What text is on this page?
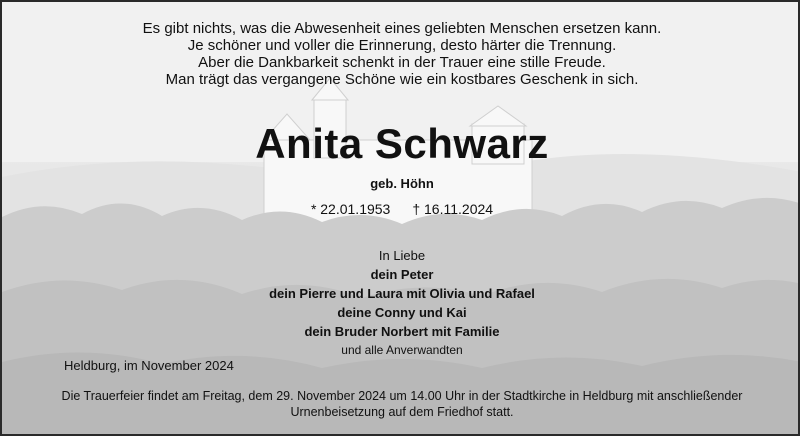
Es gibt nichts, was die Abwesenheit eines geliebten Menschen ersetzen kann.
Je schöner und voller die Erinnerung, desto härter die Trennung.
Aber die Dankbarkeit schenkt in der Trauer eine stille Freude.
Man trägt das vergangene Schöne wie ein kostbares Geschenk in sich.
Anita Schwarz
geb. Höhn
* 22.01.1953 † 16.11.2024
In Liebe
dein Peter
dein Pierre und Laura mit Olivia und Rafael
deine Conny und Kai
dein Bruder Norbert mit Familie
und alle Anverwandten
Heldburg, im November 2024
Die Trauerfeier findet am Freitag, dem 29. November 2024 um 14.00 Uhr in der Stadtkirche in Heldburg mit anschließender
Urnenbeisetzung auf dem Friedhof statt.
